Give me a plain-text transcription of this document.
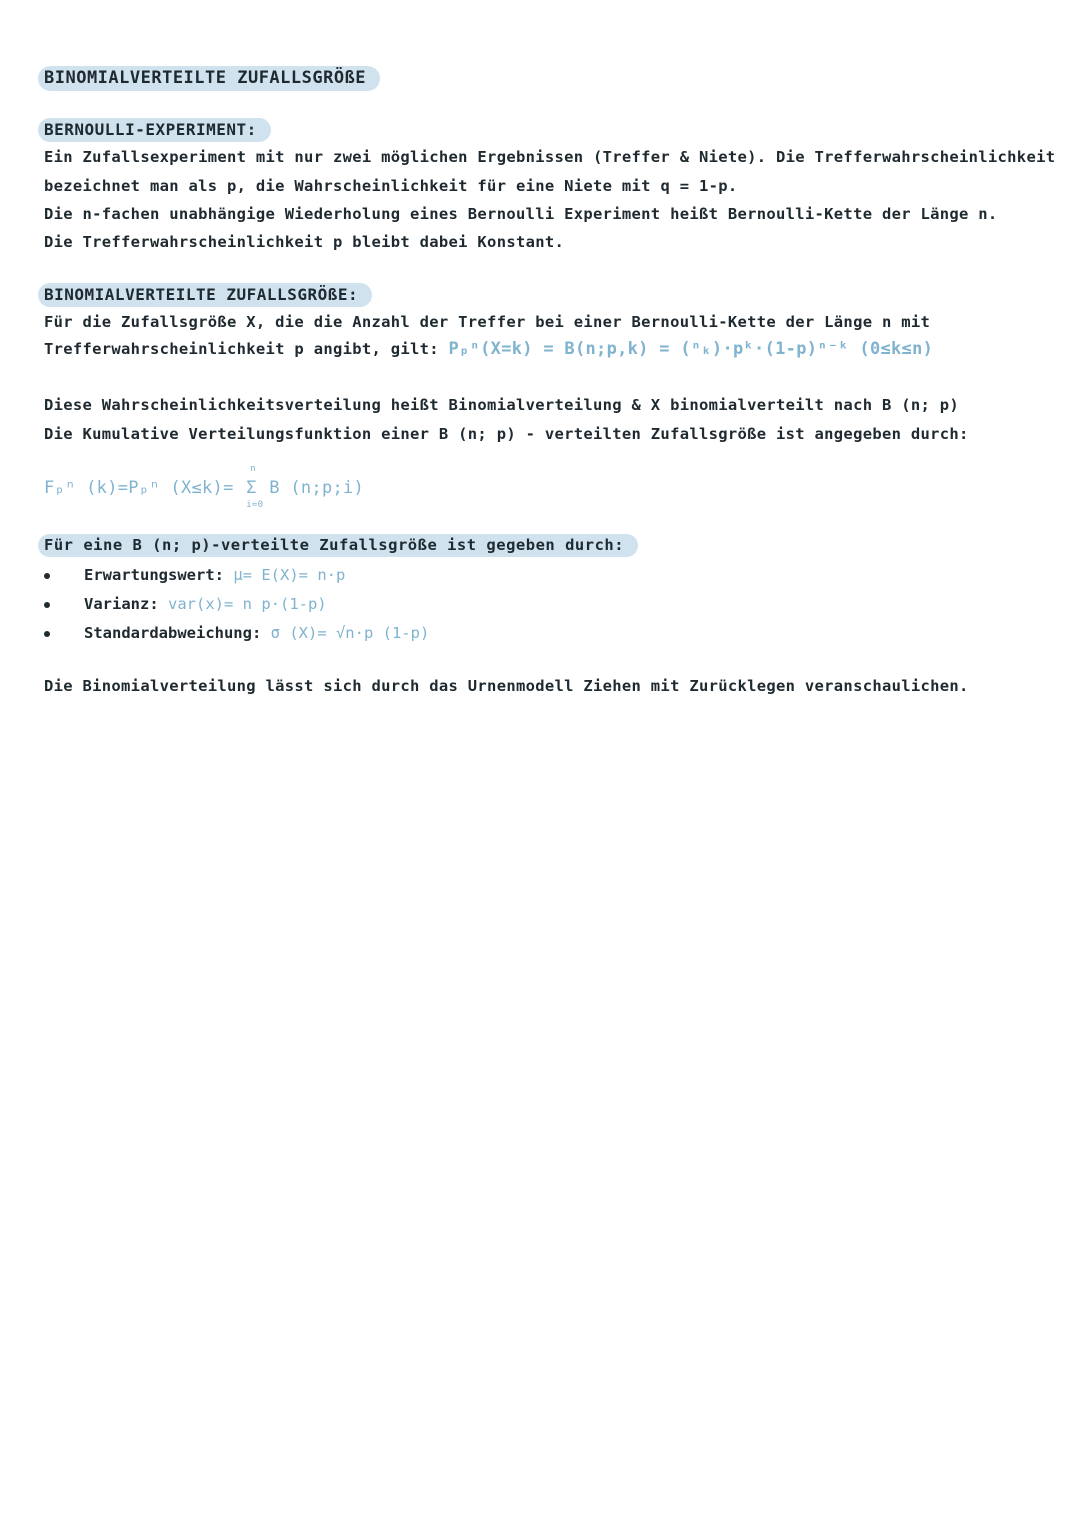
BINOMIALVERTEILTE ZUFALLSGRÖßE
BERNOULLI-EXPERIMENT:
Ein Zufallsexperiment mit nur zwei möglichen Ergebnissen (Treffer & Niete). Die Trefferwahrscheinlichkeit
bezeichnet man als p, die Wahrscheinlichkeit für eine Niete mit q = 1-p.
Die n-fachen unabhängige Wiederholung eines Bernoulli Experiment heißt Bernoulli-Kette der Länge n.
Die Trefferwahrscheinlichkeit p bleibt dabei Konstant.
BINOMIALVERTEILTE ZUFALLSGRÖßE:
Für die Zufallsgröße X, die die Anzahl der Treffer bei einer Bernoulli-Kette der Länge n mit
Trefferwahrscheinlichkeit p angibt, gilt: Pₚⁿ(X=k) = B(n;p,k) = (ⁿₖ)·pᵏ·(1-p)ⁿ⁻ᵏ (0≤k≤n)
Diese Wahrscheinlichkeitsverteilung heißt Binomialverteilung & X binomialverteilt nach B (n; p)
Die Kumulative Verteilungsfunktion einer B (n; p) - verteilten Zufallsgröße ist angegeben durch:
Fₚⁿ (k)=Pₚⁿ (X≤k)=
n
Σ
i=0
B (n;p;i)
Für eine B (n; p)-verteilte Zufallsgröße ist gegeben durch:
Erwartungswert: μ= E(X)= n·p
Varianz: var(x)= n p·(1-p)
Standardabweichung: σ (X)= √n·p (1-p)
Die Binomialverteilung lässt sich durch das Urnenmodell Ziehen mit Zurücklegen veranschaulichen.
